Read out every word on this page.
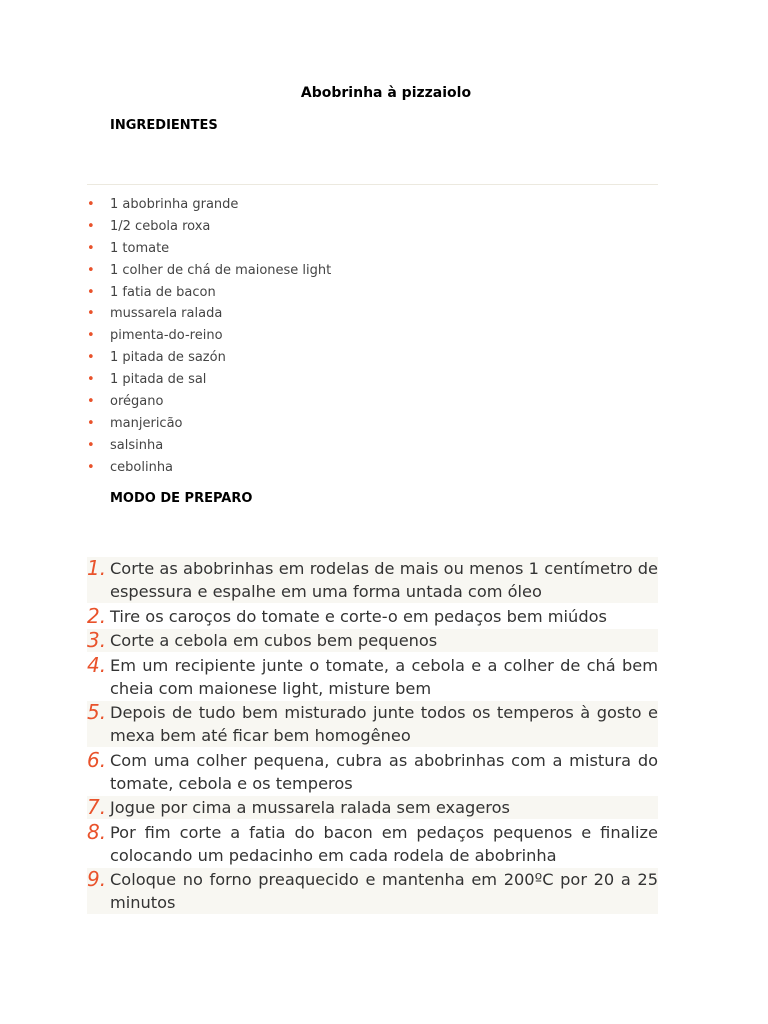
Abobrinha à pizzaiolo
INGREDIENTES
• 1 abobrinha grande
• 1/2 cebola roxa
• 1 tomate
• 1 colher de chá de maionese light
• 1 fatia de bacon
• mussarela ralada
• pimenta-do-reino
• 1 pitada de sazón
• 1 pitada de sal
• orégano
• manjericão
• salsinha
• cebolinha
MODO DE PREPARO
1. Corte as abobrinhas em rodelas de mais ou menos 1 centímetro de espessura e espalhe em uma forma untada com óleo
2. Tire os caroços do tomate e corte-o em pedaços bem miúdos
3. Corte a cebola em cubos bem pequenos
4. Em um recipiente junte o tomate, a cebola e a colher de chá bem cheia com maionese light, misture bem
5. Depois de tudo bem misturado junte todos os temperos à gosto e mexa bem até ficar bem homogêneo
6. Com uma colher pequena, cubra as abobrinhas com a mistura do tomate, cebola e os temperos
7. Jogue por cima a mussarela ralada sem exageros
8. Por fim corte a fatia do bacon em pedaços pequenos e finalize colocando um pedacinho em cada rodela de abobrinha
9. Coloque no forno preaquecido e mantenha em 200ºC por 20 a 25 minutos
